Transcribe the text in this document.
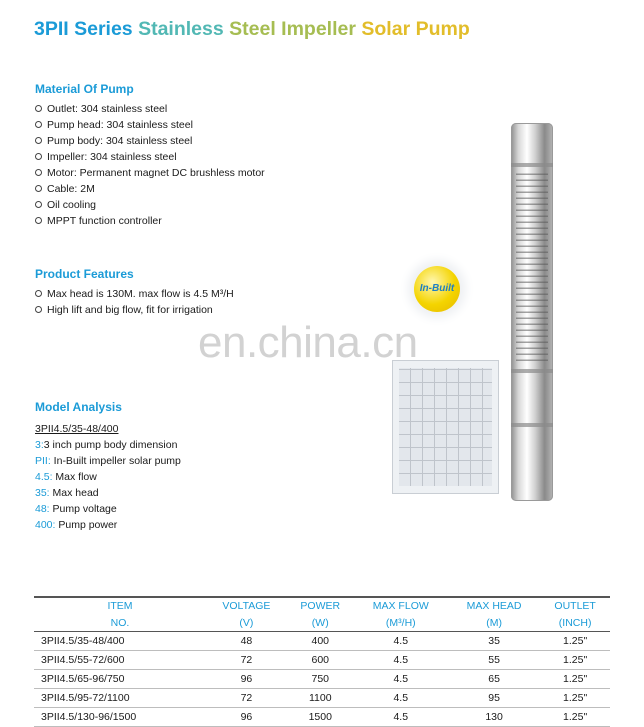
3PII Series Stainless Steel Impeller Solar Pump
Material Of Pump
Outlet: 304 stainless steel
Pump head: 304 stainless steel
Pump body: 304 stainless steel
Impeller: 304 stainless steel
Motor: Permanent magnet DC brushless motor
Cable: 2M
Oil cooling
MPPT function controller
Product Features
Max head is 130M. max flow is 4.5 M³/H
High lift and big flow, fit for irrigation
Model Analysis
3PII4.5/35-48/400
3:3 inch pump body dimension
PII: In-Built impeller solar pump
4.5: Max flow
35: Max head
48: Pump voltage
400: Pump power
In-Built
en.china.cn
ITEM	VOLTAGE	POWER	MAX FLOW	MAX HEAD	OUTLET
NO.	(V)	(W)	(M³/H)	(M)	(INCH)
3PII4.5/35-48/400	48	400	4.5	35	1.25"
3PII4.5/55-72/600	72	600	4.5	55	1.25"
3PII4.5/65-96/750	96	750	4.5	65	1.25"
3PII4.5/95-72/1100	72	1100	4.5	95	1.25"
3PII4.5/130-96/1500	96	1500	4.5	130	1.25"
